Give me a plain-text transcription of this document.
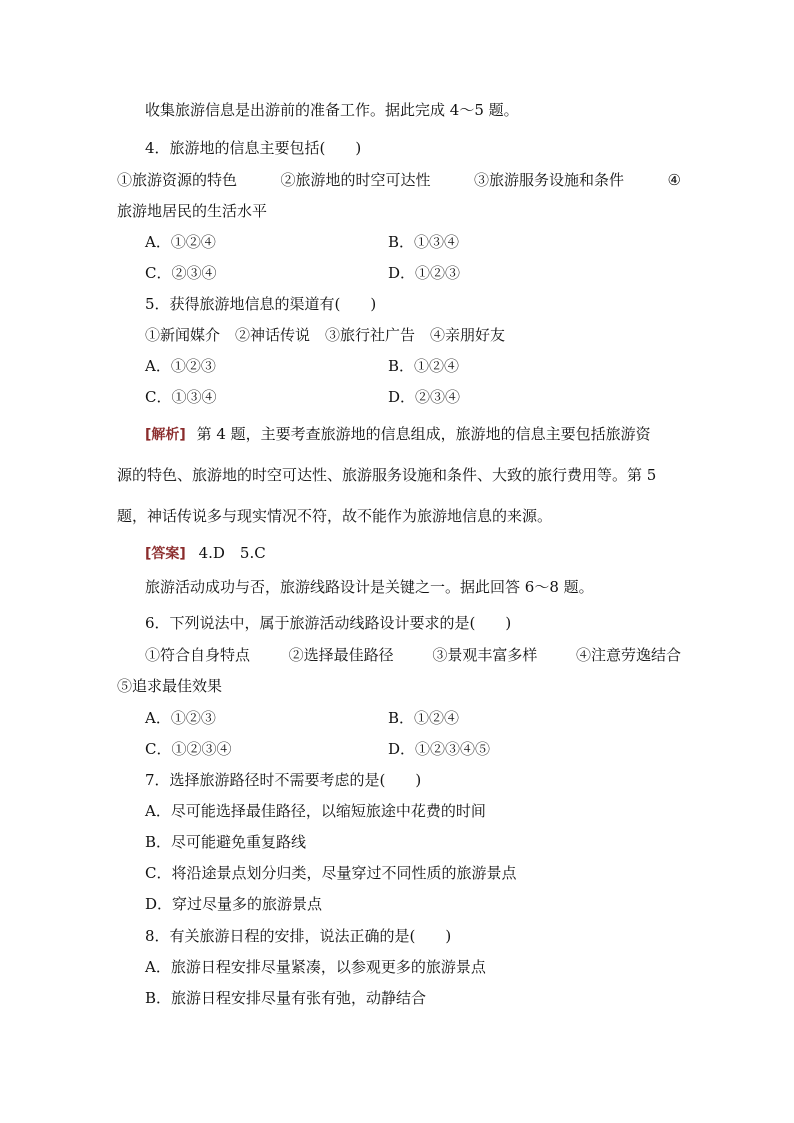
收集旅游信息是出游前的准备工作。据此完成 4～5 题。
4．旅游地的信息主要包括(　　)
①旅游资源的特色	②旅游地的时空可达性	③旅游服务设施和条件	④
旅游地居民的生活水平
A．①②④	B．①③④
C．②③④	D．①②③
5．获得旅游地信息的渠道有(　　)
①新闻媒介　②神话传说　③旅行社广告　④亲朋好友
A．①②③	B．①②④
C．①③④	D．②③④
[解析] 第 4 题，主要考查旅游地的信息组成，旅游地的信息主要包括旅游资
源的特色、旅游地的时空可达性、旅游服务设施和条件、大致的旅行费用等。第 5
题，神话传说多与现实情况不符，故不能作为旅游地信息的来源。
[答案] 4.D　5.C
旅游活动成功与否，旅游线路设计是关键之一。据此回答 6～8 题。
6．下列说法中，属于旅游活动线路设计要求的是(　　)
①符合自身特点	②选择最佳路径	③景观丰富多样	④注意劳逸结合
⑤追求最佳效果
A．①②③	B．①②④
C．①②③④	D．①②③④⑤
7．选择旅游路径时不需要考虑的是(　　)
A．尽可能选择最佳路径，以缩短旅途中花费的时间
B．尽可能避免重复路线
C．将沿途景点划分归类，尽量穿过不同性质的旅游景点
D．穿过尽量多的旅游景点
8．有关旅游日程的安排，说法正确的是(　　)
A．旅游日程安排尽量紧凑，以参观更多的旅游景点
B．旅游日程安排尽量有张有弛，动静结合
